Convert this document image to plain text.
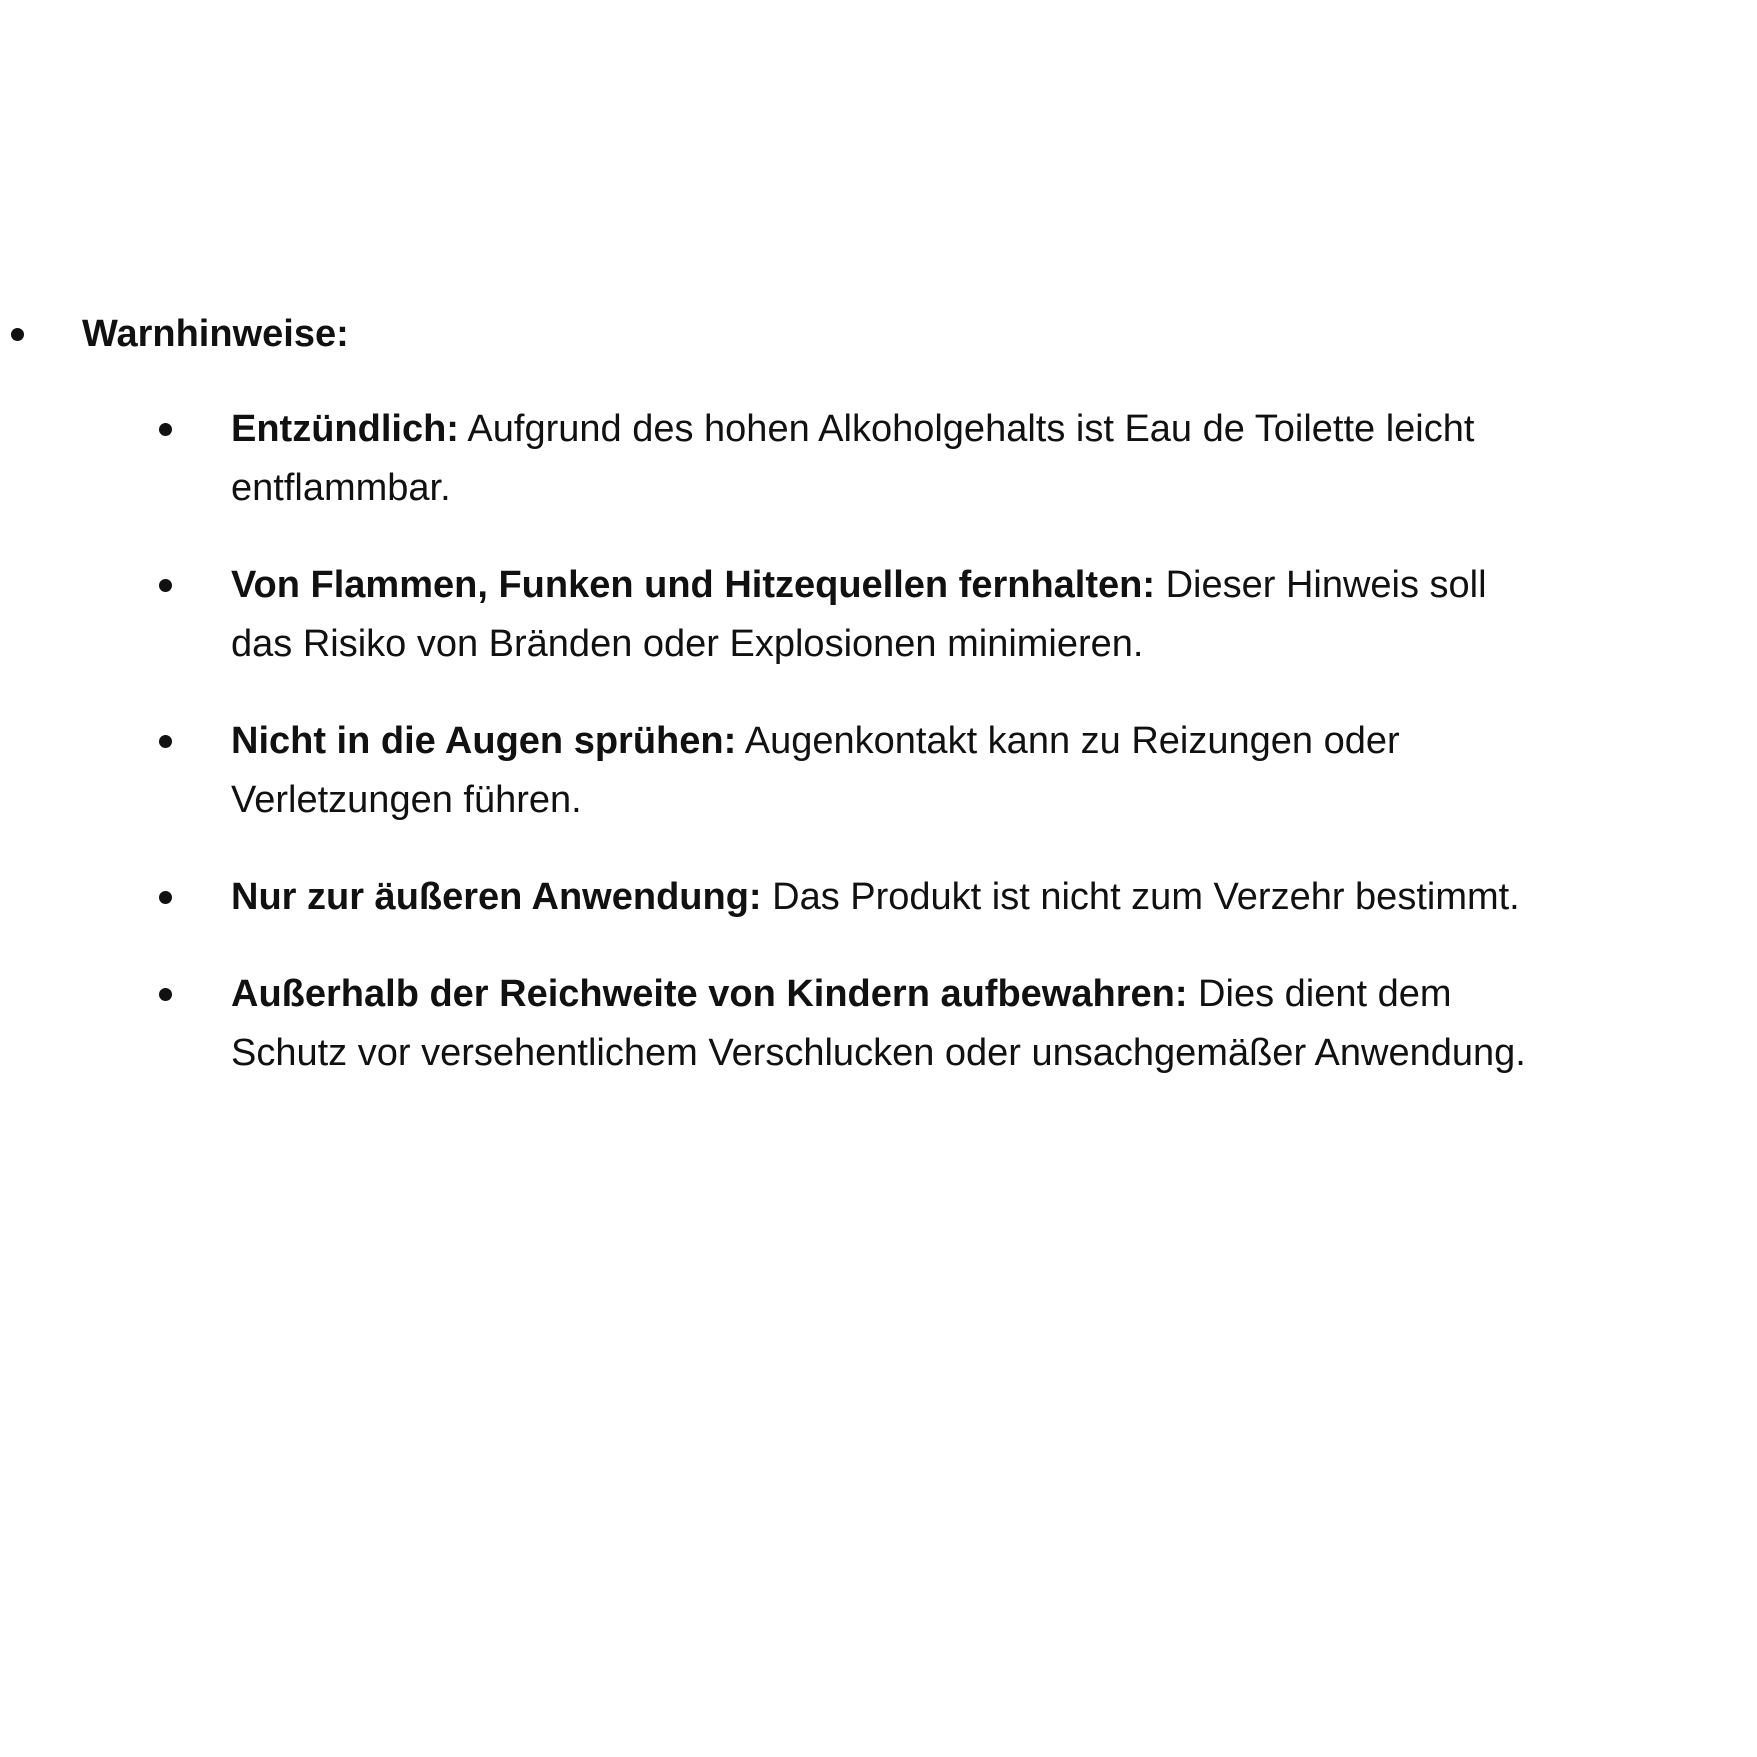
Warnhinweise:
Entzündlich: Aufgrund des hohen Alkoholgehalts ist Eau de Toilette leicht entflammbar.
Von Flammen, Funken und Hitzequellen fernhalten: Dieser Hinweis soll das Risiko von Bränden oder Explosionen minimieren.
Nicht in die Augen sprühen: Augenkontakt kann zu Reizungen oder Verletzungen führen.
Nur zur äußeren Anwendung: Das Produkt ist nicht zum Verzehr bestimmt.
Außerhalb der Reichweite von Kindern aufbewahren: Dies dient dem Schutz vor versehentlichem Verschlucken oder unsachgemäßer Anwendung.
